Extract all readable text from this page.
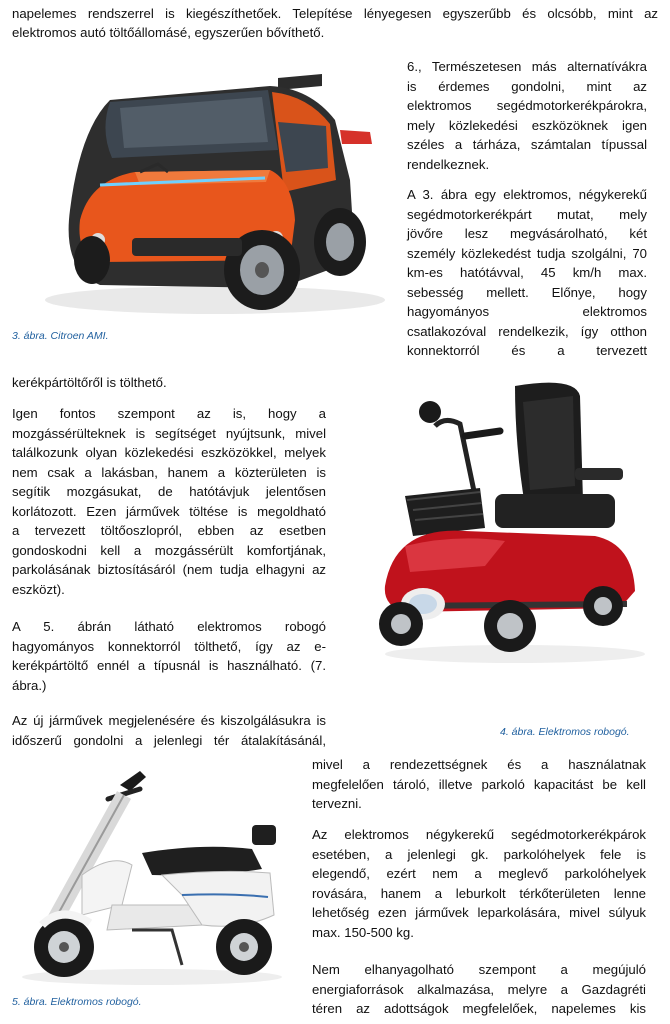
napelemes rendszerrel is kiegészíthetőek. Telepítése lényegesen egyszerűbb és olcsóbb, mint az

elektromos autó töltőállomásé, egyszerűen bővíthető.

3. ábra. Citroen AMI.

6., Természetesen más alternatívákra
is érdemes gondolni, mint az
elektromos segédmotorkerékpárokra,
mely közlekedési eszközöknek igen
széles a tárháza, számtalan típussal
rendelkeznek.
A 3. ábra egy elektromos, négykerekű
segédmotorkerékpárt mutat, mely
jövőre lesz megvásárolható, két
személy közlekedést tudja szolgálni, 70
km-es hatótávval, 45 km/h max.
sebesség mellett. Előnye, hogy
hagyományos elektromos
csatlakozóval rendelkezik, így otthon
konnektorról és a tervezett

kerékpártöltőről is tölthető.

Igen fontos szempont az is, hogy a
mozgássérülteknek is segítséget nyújtsunk, mivel
találkozunk olyan közlekedési eszközökkel, melyek
nem csak a lakásban, hanem a közterületen is
segítik mozgásukat, de hatótávjuk jelentősen
korlátozott. Ezen járművek töltése is megoldható
a tervezett töltőoszlopról, ebben az esetben
gondoskodni kell a mozgássérült komfortjának,
parkolásának biztosításáról (nem tudja elhagyni az
eszközt).
A 5. ábrán látható elektromos robogó
hagyományos konnektorról tölthető, így az e-
kerékpártöltő ennél a típusnál is használható. (7.
ábra.)
Az új járművek megjelenésére és kiszolgálásukra is
időszerű gondolni a jelenlegi tér átalakításánál,

4. ábra. Elektromos robogó.

mivel a rendezettségnek és a használatnak
megfelelően tároló, illetve parkoló kapacitást be kell
tervezni.
Az elektromos négykerekű segédmotorkerékpárok
esetében, a jelenlegi gk. parkolóhelyek fele is
elegendő, ezért nem a meglevő parkolóhelyek
rovására, hanem a leburkolt térkőterületen lenne
lehetőség ezen járművek leparkolására, mivel súlyuk
max. 150-500 kg.
Nem elhanyagolható szempont a megújuló
energiaforrások alkalmazása, melyre a Gazdagréti
téren az adottságok megfelelőek, napelemes kis

5. ábra. Elektromos robogó.
